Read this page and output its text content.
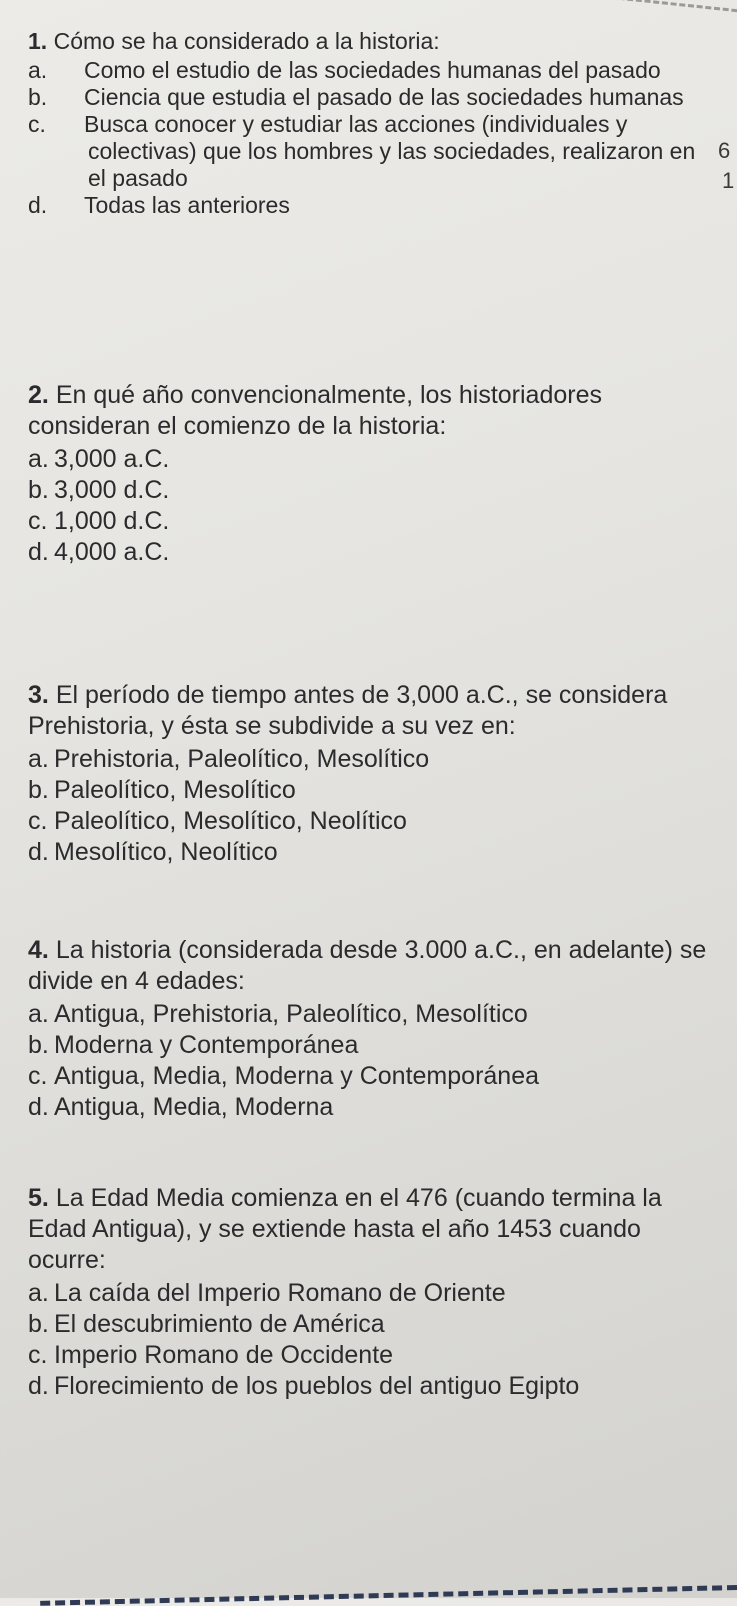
1. Cómo se ha considerado a la historia:

a. Como el estudio de las sociedades humanas del pasado
b. Ciencia que estudia el pasado de las sociedades humanas
c. Busca conocer y estudiar las acciones (individuales y colectivas) que los hombres y las sociedades, realizaron en el pasado
d. Todas las anteriores

2. En qué año convencionalmente, los historiadores consideran el comienzo de la historia:

a. 3,000 a.C.
b. 3,000 d.C.
c. 1,000 d.C.
d. 4,000 a.C.

3. El período de tiempo antes de 3,000 a.C., se considera Prehistoria, y ésta se subdivide a su vez en:

a. Prehistoria, Paleolítico, Mesolítico
b. Paleolítico, Mesolítico
c. Paleolítico, Mesolítico, Neolítico
d. Mesolítico, Neolítico

4. La historia (considerada desde 3.000 a.C., en adelante) se divide en 4 edades:

a. Antigua, Prehistoria, Paleolítico, Mesolítico
b. Moderna y Contemporánea
c. Antigua, Media, Moderna y Contemporánea
d. Antigua, Media, Moderna

5. La Edad Media comienza en el 476 (cuando termina la Edad Antigua), y se extiende hasta el año 1453 cuando ocurre:

a. La caída del Imperio Romano de Oriente
b. El descubrimiento de América
c. Imperio Romano de Occidente
d. Florecimiento de los pueblos del antiguo Egipto
6
1
